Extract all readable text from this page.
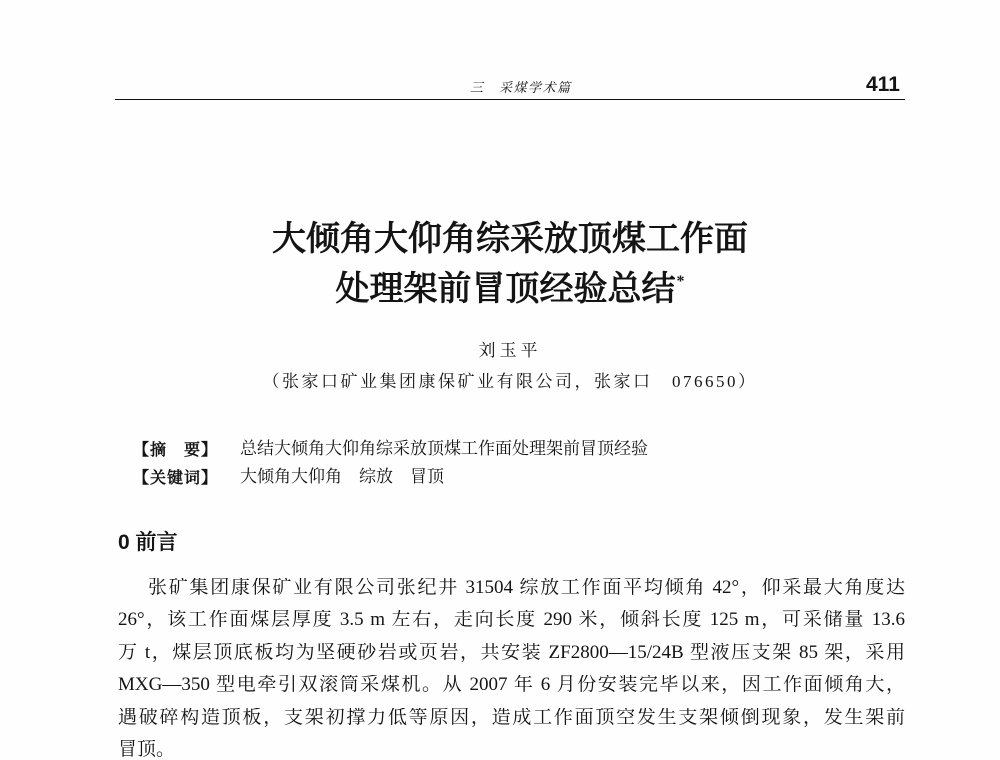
三　采煤学术篇	411
大倾角大仰角综采放顶煤工作面
处理架前冒顶经验总结*
刘玉平
（张家口矿业集团康保矿业有限公司，张家口　076650）
【摘　要】 总结大倾角大仰角综采放顶煤工作面处理架前冒顶经验
【关键词】 大倾角大仰角　综放　冒顶
0 前言
张矿集团康保矿业有限公司张纪井 31504 综放工作面平均倾角 42°，仰采最大角度达
26°，该工作面煤层厚度 3.5 m 左右，走向长度 290 米，倾斜长度 125 m，可采储量 13.6
万 t，煤层顶底板均为坚硬砂岩或页岩，共安装 ZF2800—15/24B 型液压支架 85 架，采用
MXG—350 型电牵引双滚筒采煤机。从 2007 年 6 月份安装完毕以来，因工作面倾角大，
遇破碎构造顶板，支架初撑力低等原因，造成工作面顶空发生支架倾倒现象，发生架前
冒顶。
